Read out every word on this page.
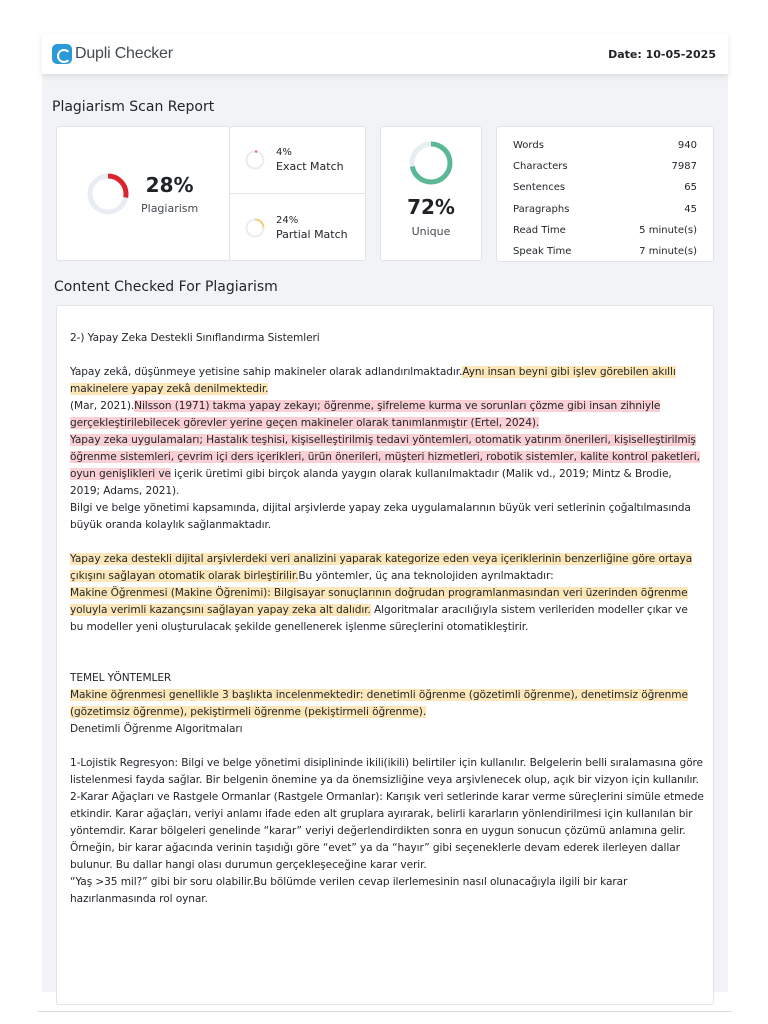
Dupli Checker	Date: 10-05-2025
Plagiarism Scan Report
28%
Plagiarism
4%
Exact Match
24%
Partial Match
72%
Unique
Words	940
Characters	7987
Sentences	65
Paragraphs	45
Read Time	5 minute(s)
Speak Time	7 minute(s)
Content Checked For Plagiarism

2-) Yapay Zeka Destekli Sınıflandırma Sistemleri

Yapay zekâ, düşünmeye yetisine sahip makineler olarak adlandırılmaktadır.Aynı insan beyni gibi işlev görebilen akıllı makinelere yapay zekâ denilmektedir.

(Mar, 2021).Nilsson (1971) takma yapay zekayı; öğrenme, şifreleme kurma ve sorunları çözme gibi insan zihniyle gerçekleştirilebilecek görevler yerine geçen makineler olarak tanımlanmıştır (Ertel, 2024).

Yapay zeka uygulamaları; Hastalık teşhisi, kişiselleştirilmiş tedavi yöntemleri, otomatik yatırım önerileri, kişiselleştirilmiş öğrenme sistemleri, çevrim içi ders içerikleri, ürün önerileri, müşteri hizmetleri, robotik sistemler, kalite kontrol paketleri, oyun genişlikleri ve içerik üretimi gibi birçok alanda yaygın olarak kullanılmaktadır (Malik vd., 2019; Mintz & Brodie, 2019; Adams, 2021).

Bilgi ve belge yönetimi kapsamında, dijital arşivlerde yapay zeka uygulamalarının büyük veri setlerinin çoğaltılmasında büyük oranda kolaylık sağlanmaktadır.

Yapay zeka destekli dijital arşivlerdeki veri analizini yaparak kategorize eden veya içeriklerinin benzerliğine göre ortaya çıkışını sağlayan otomatik olarak birleştirilir.Bu yöntemler, üç ana teknolojiden ayrılmaktadır:
Makine Öğrenmesi (Makine Öğrenimi): Bilgisayar sonuçlarının doğrudan programlanmasından veri üzerinden öğrenme yoluyla verimli kazançsını sağlayan yapay zeka alt dalıdır. Algoritmalar aracılığıyla sistem verileriden modeller çıkar ve bu modeller yeni oluşturulacak şekilde genellenerek işlenme süreçlerini otomatikleştirir.

TEMEL YÖNTEMLER

Makine öğrenmesi genellikle 3 başlıkta incelenmektedir: denetimli öğrenme (gözetimli öğrenme), denetimsiz öğrenme (gözetimsiz öğrenme), pekiştirmeli öğrenme (pekiştirmeli öğrenme).

Denetimli Öğrenme Algoritmaları

1-Lojistik Regresyon: Bilgi ve belge yönetimi disiplininde ikili(ikili) belirtiler için kullanılır. Belgelerin belli sıralamasına göre listelenmesi fayda sağlar. Bir belgenin önemine ya da önemsizliğine veya arşivlenecek olup, açık bir vizyon için kullanılır.

2-Karar Ağaçları ve Rastgele Ormanlar (Rastgele Ormanlar): Karışık veri setlerinde karar verme süreçlerini simüle etmede etkindir. Karar ağaçları, veriyi anlamı ifade eden alt gruplara ayırarak, belirli kararların yönlendirilmesi için kullanılan bir yöntemdir. Karar bölgeleri genelinde “karar” veriyi değerlendirdikten sonra en uygun sonucun çözümü anlamına gelir.

Örneğin, bir karar ağacında verinin taşıdığı göre “evet” ya da “hayır” gibi seçeneklerle devam ederek ilerleyen dallar bulunur. Bu dallar hangi olası durumun gerçekleşeceğine karar verir.

“Yaş >35 mil?” gibi bir soru olabilir.Bu bölümde verilen cevap ilerlemesinin nasıl olunacağıyla ilgili bir karar hazırlanmasında rol oynar.
